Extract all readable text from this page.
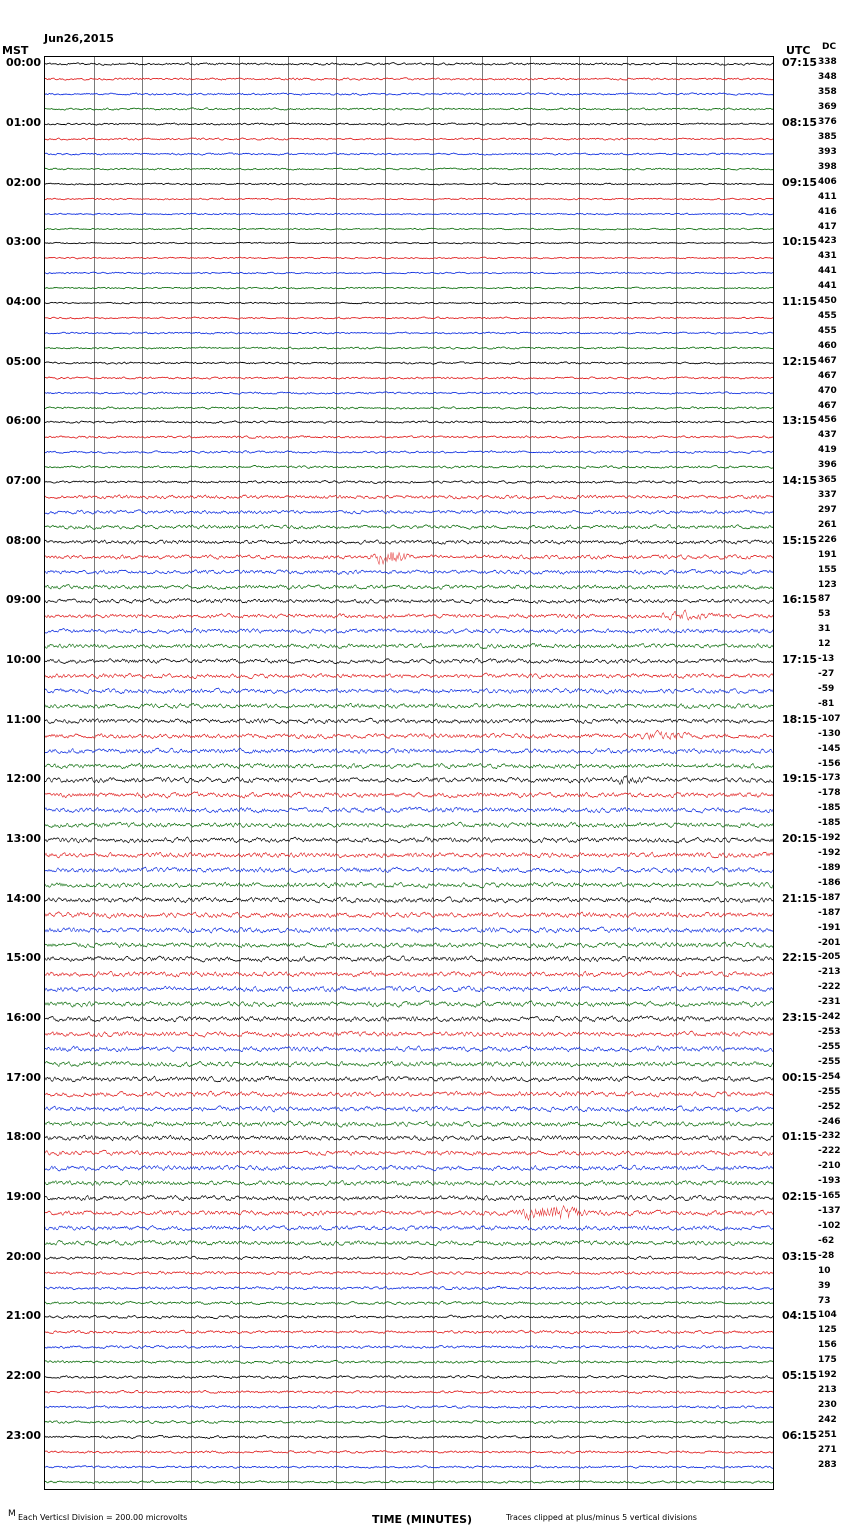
Jun26,2015

MST	UTC DC
00:00
01:00
02:00
03:00
04:00
05:00
06:00
07:00
08:00
09:00
10:00
11:00
12:00
13:00
14:00
15:00
16:00
17:00
18:00
19:00
20:00
21:00
22:00
23:00
07:15
08:15
09:15
10:15
11:15
12:15
13:15
14:15
15:15
16:15
17:15
18:15
19:15
20:15
21:15
22:15
23:15
00:15
01:15
02:15
03:15
04:15
05:15
06:15
338
348
358
369
376
385
393
398
406
411
416
417
423
431
441
441
450
455
455
460
467
467
470
467
456
437
419
396
365
337
297
261
226
191
155
123
87
53
31
12
-13
-27
-59
-81
-107
-130
-145
-156
-173
-178
-185
-185
-192
-192
-189
-186
-187
-187
-191
-201
-205
-213
-222
-231
-242
-253
-255
-255
-254
-255
-252
-246
-232
-222
-210
-193
-165
-137
-102
-62
-28
10
39
73
104
125
156
175
192
213
230
242
251
271
283
TIME (MINUTES)
M Each Verticsl Division = 200.00 microvolts	Traces clipped at plus/minus 5 vertical divisions
